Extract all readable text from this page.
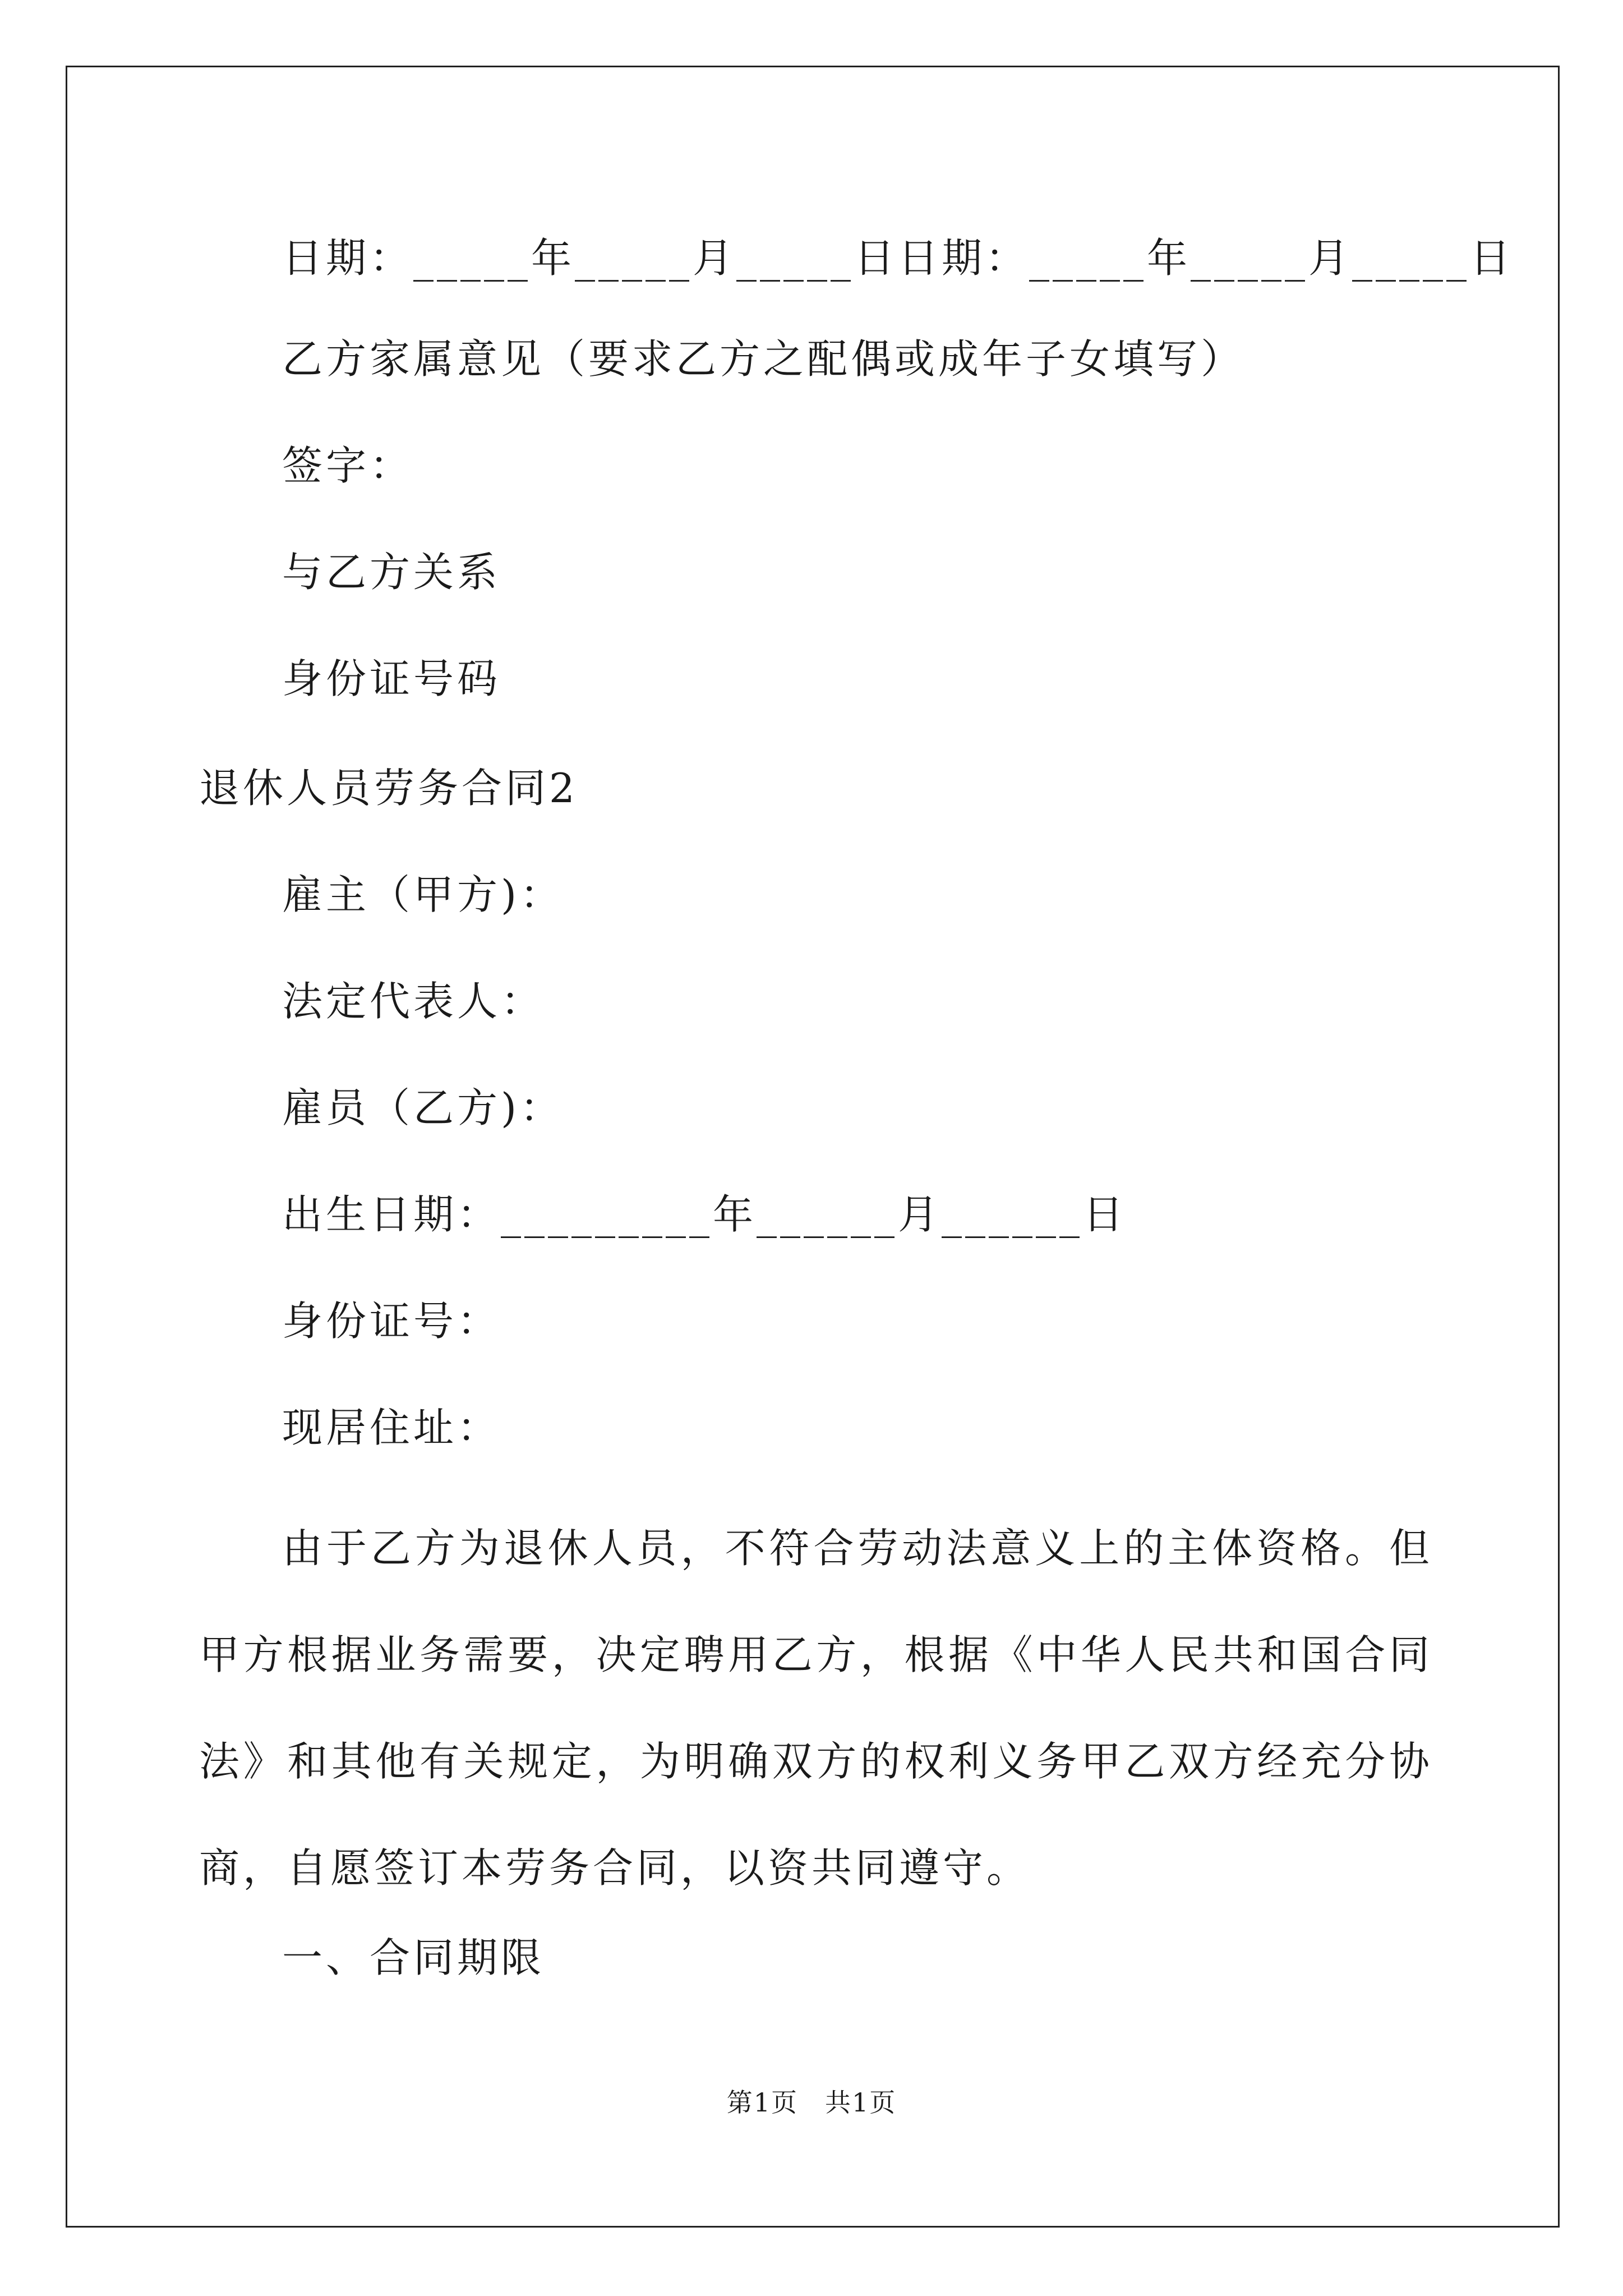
日期：_____年_____月_____日日期：_____年_____月_____日
乙方家属意见（要求乙方之配偶或成年子女填写）
签字：
与乙方关系
身份证号码
退休人员劳务合同2
雇主（甲方)：
法定代表人：
雇员（乙方)：
出生日期：_________年______月______日
身份证号：
现居住址：
由于乙方为退休人员，不符合劳动法意义上的主体资格。但甲方根据业务需要，决定聘用乙方，根据《中华人民共和国合同法》和其他有关规定，为明确双方的权利义务甲乙双方经充分协商，自愿签订本劳务合同，以资共同遵守。
一、合同期限
第1页　共1页
